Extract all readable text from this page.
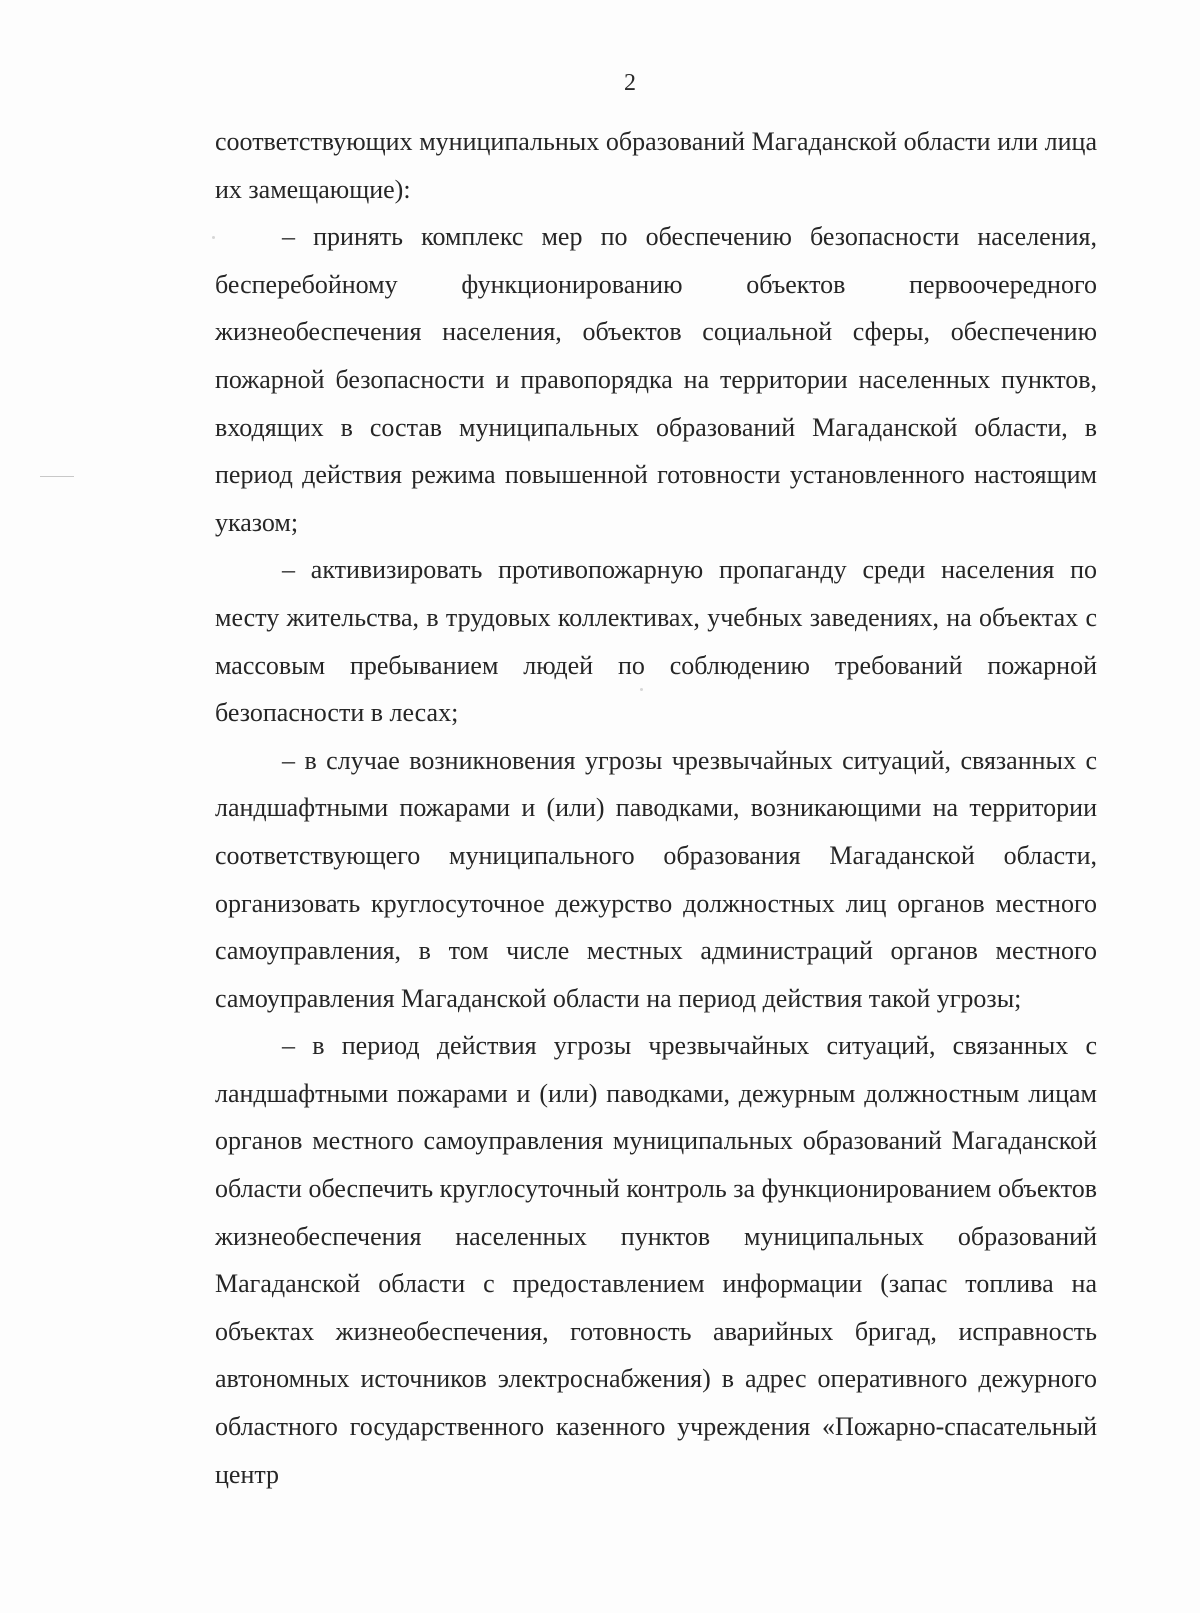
2

соответствующих муниципальных образований Магаданской области или лица их замещающие):

– принять комплекс мер по обеспечению безопасности населения, бесперебойному функционированию объектов первоочередного жизнеобеспечения населения, объектов социальной сферы, обеспечению пожарной безопасности и правопорядка на территории населенных пунктов, входящих в состав муниципальных образований Магаданской области, в период действия режима повышенной готовности установленного настоящим указом;

– активизировать противопожарную пропаганду среди населения по месту жительства, в трудовых коллективах, учебных заведениях, на объектах с массовым пребыванием людей по соблюдению требований пожарной безопасности в лесах;

– в случае возникновения угрозы чрезвычайных ситуаций, связанных с ландшафтными пожарами и (или) паводками, возникающими на территории соответствующего муниципального образования Магаданской области, организовать круглосуточное дежурство должностных лиц органов местного самоуправления, в том числе местных администраций органов местного самоуправления Магаданской области на период действия такой угрозы;

– в период действия угрозы чрезвычайных ситуаций, связанных с ландшафтными пожарами и (или) паводками, дежурным должностным лицам органов местного самоуправления муниципальных образований Магаданской области обеспечить круглосуточный контроль за функционированием объектов жизнеобеспечения населенных пунктов муниципальных образований Магаданской области с предоставлением информации (запас топлива на объектах жизнеобеспечения, готовность аварийных бригад, исправность автономных источников электроснабжения) в адрес оперативного дежурного областного государственного казенного учреждения «Пожарно-спасательный центр
